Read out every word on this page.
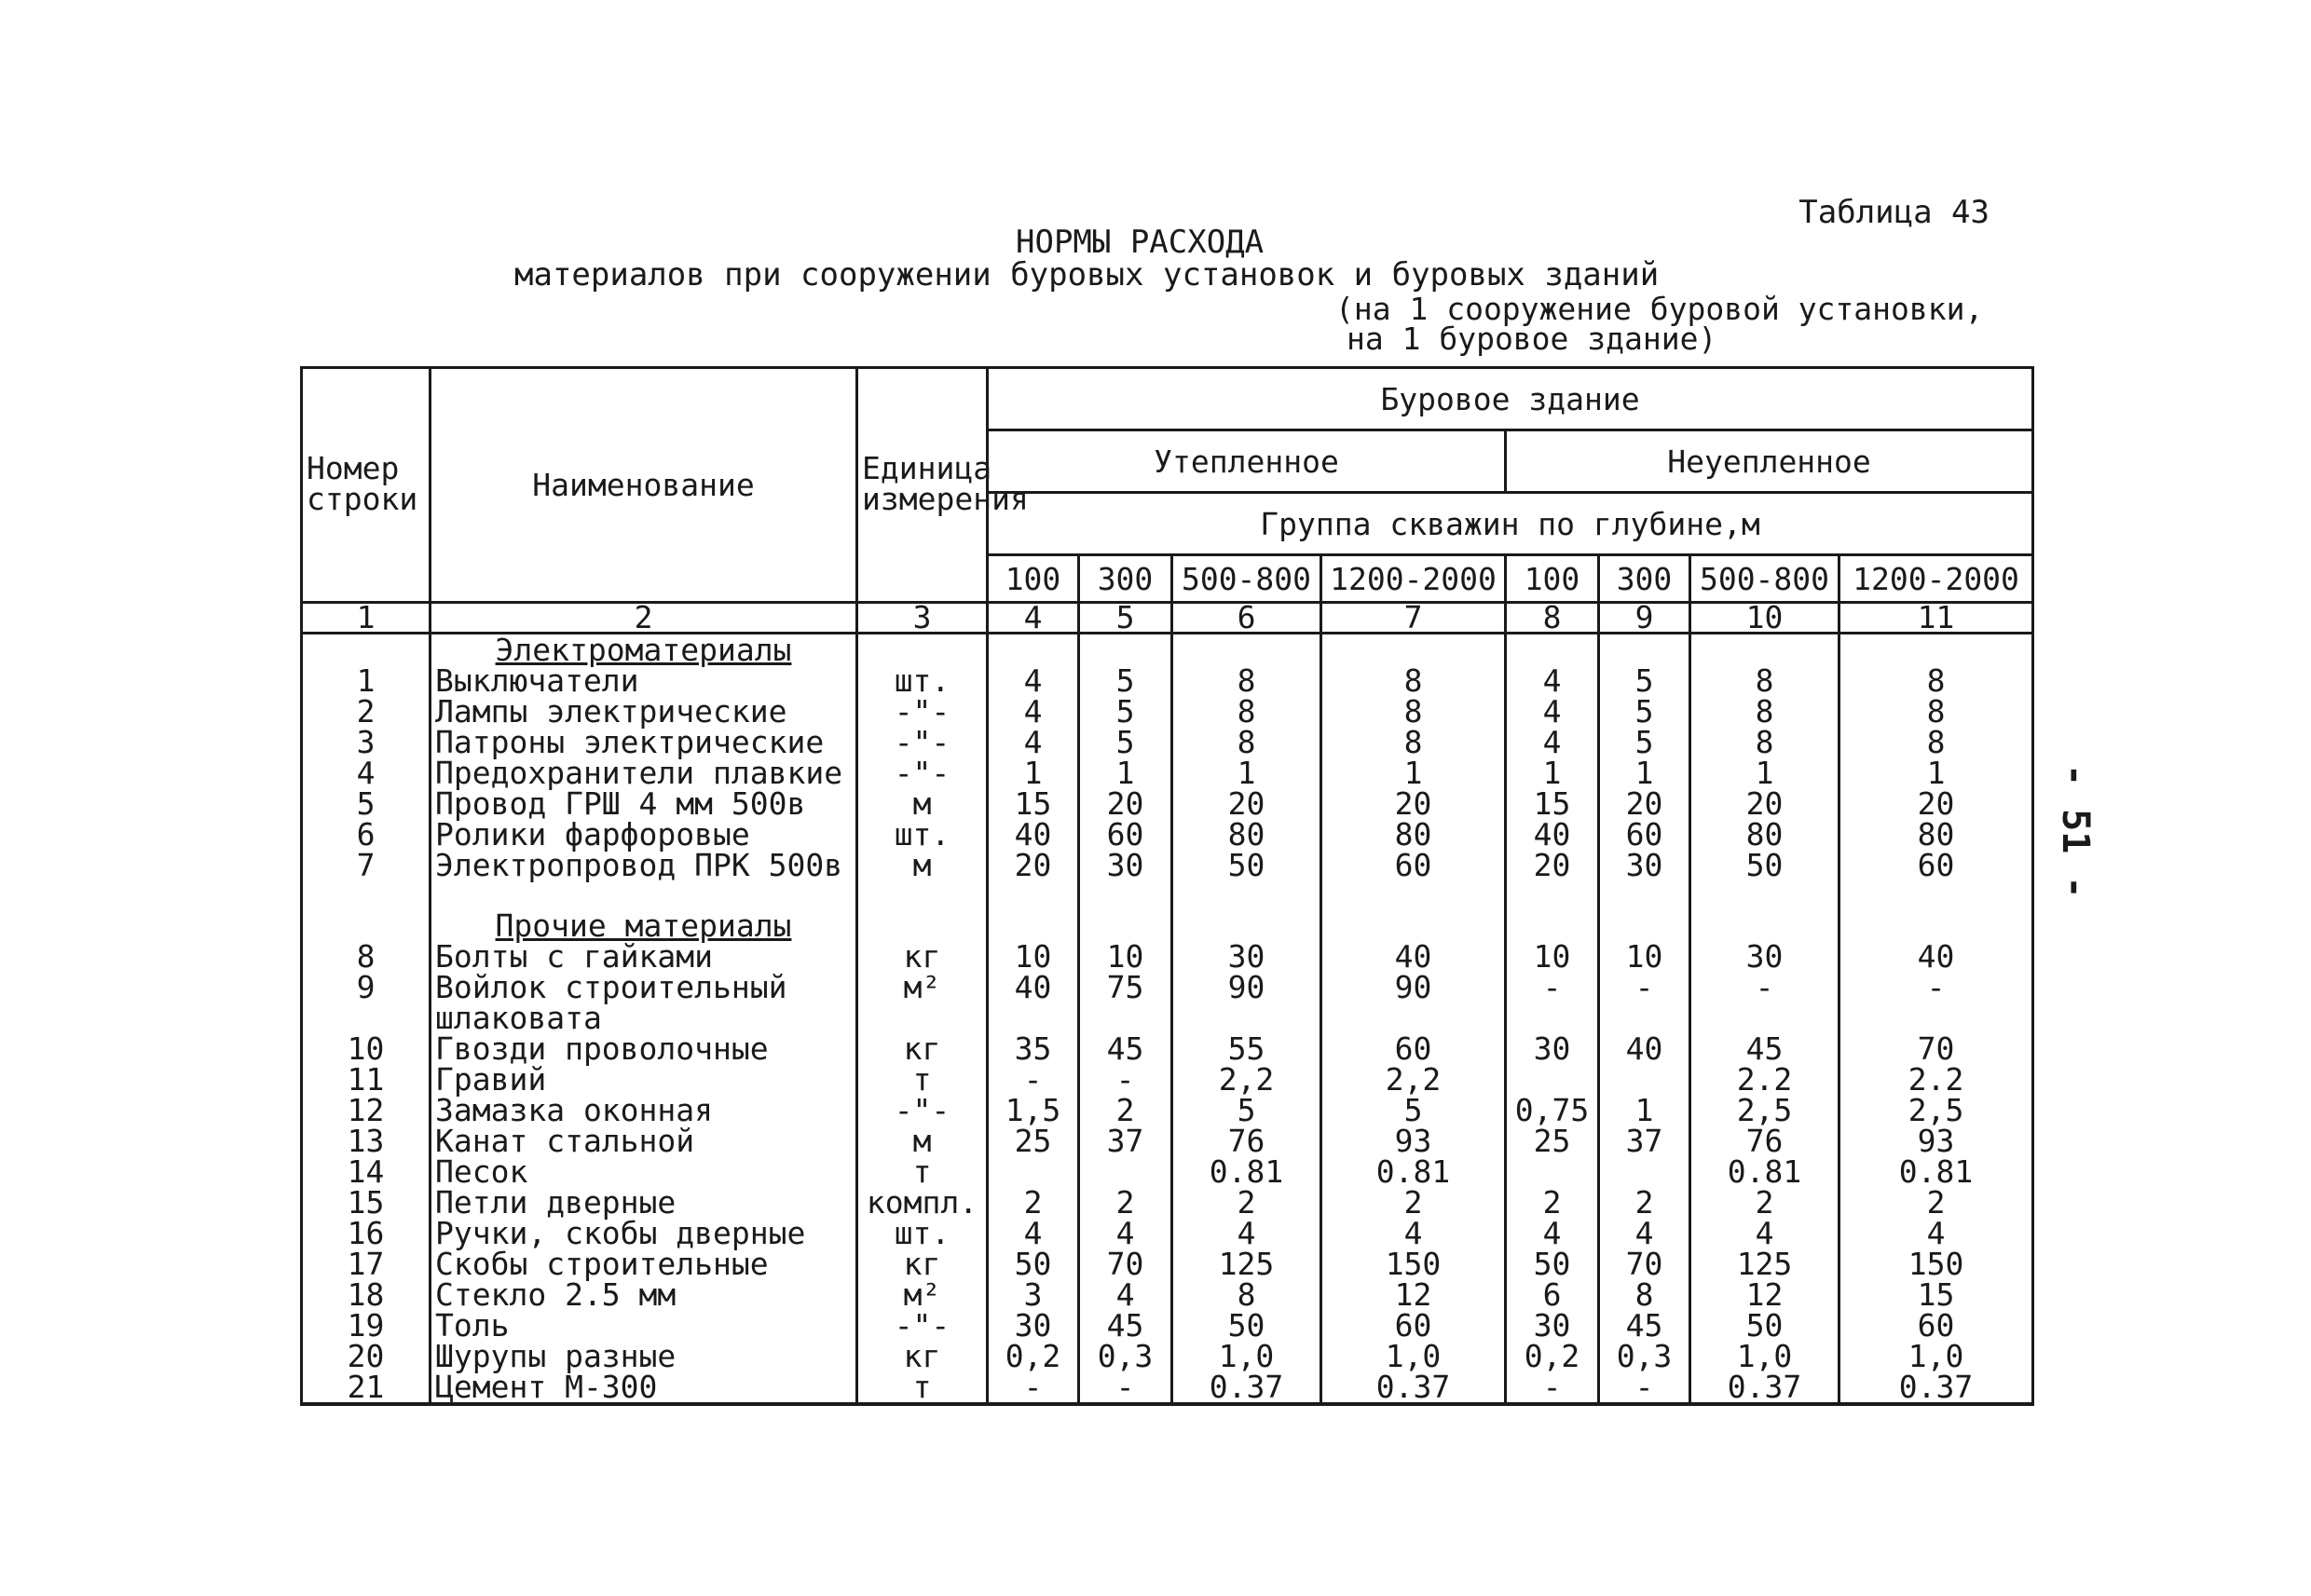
Таблица 43
НОРМЫ РАСХОДА
материалов при сооружении буровых установок и буровых зданий
(на 1 сооружение буровой установки,
на 1 буровое здание)
- 51 -
Номер строки	Наименование	Единица измерения	Буровое здание							
			Утепленное				Неуепленное			
			Группа скважин по глубине,м							
			100	300	500-800	1200-2000	100	300	500-800	1200-2000
1	2	3	4	5	6	7	8	9	10	11
	Электроматериалы									
1	Выключатели	шт.	4	5	8	8	4	5	8	8
2	Лампы электрические	-"-	4	5	8	8	4	5	8	8
3	Патроны электрические	-"-	4	5	8	8	4	5	8	8
4	Предохранители плавкие	-"-	1	1	1	1	1	1	1	1
5	Провод ГРШ 4 мм 500в	м	15	20	20	20	15	20	20	20
6	Ролики фарфоровые	шт.	40	60	80	80	40	60	80	80
7	Электропровод ПРК 500в	м	20	30	50	60	20	30	50	60

	Прочие материалы									
8	Болты с гайками	кг	10	10	30	40	10	10	30	40
9	Войлок строительный	м²	40	75	90	90	-	-	-	-
	шлаковата									
10	Гвозди проволочные	кг	35	45	55	60	30	40	45	70
11	Гравий	т	-	-	2,2	2,2			2.2	2.2
12	Замазка оконная	-"-	1,5	2	5	5	0,75	1	2,5	2,5
13	Канат стальной	м	25	37	76	93	25	37	76	93
14	Песок	т			0.81	0.81			0.81	0.81
15	Петли дверные	компл.	2	2	2	2	2	2	2	2
16	Ручки, скобы дверные	шт.	4	4	4	4	4	4	4	4
17	Скобы строительные	кг	50	70	125	150	50	70	125	150
18	Стекло 2.5 мм	м²	3	4	8	12	6	8	12	15
19	Толь	-"-	30	45	50	60	30	45	50	60
20	Шурупы разные	кг	0,2	0,3	1,0	1,0	0,2	0,3	1,0	1,0
21	Цемент М-300	т	-	-	0.37	0.37	-	-	0.37	0.37
